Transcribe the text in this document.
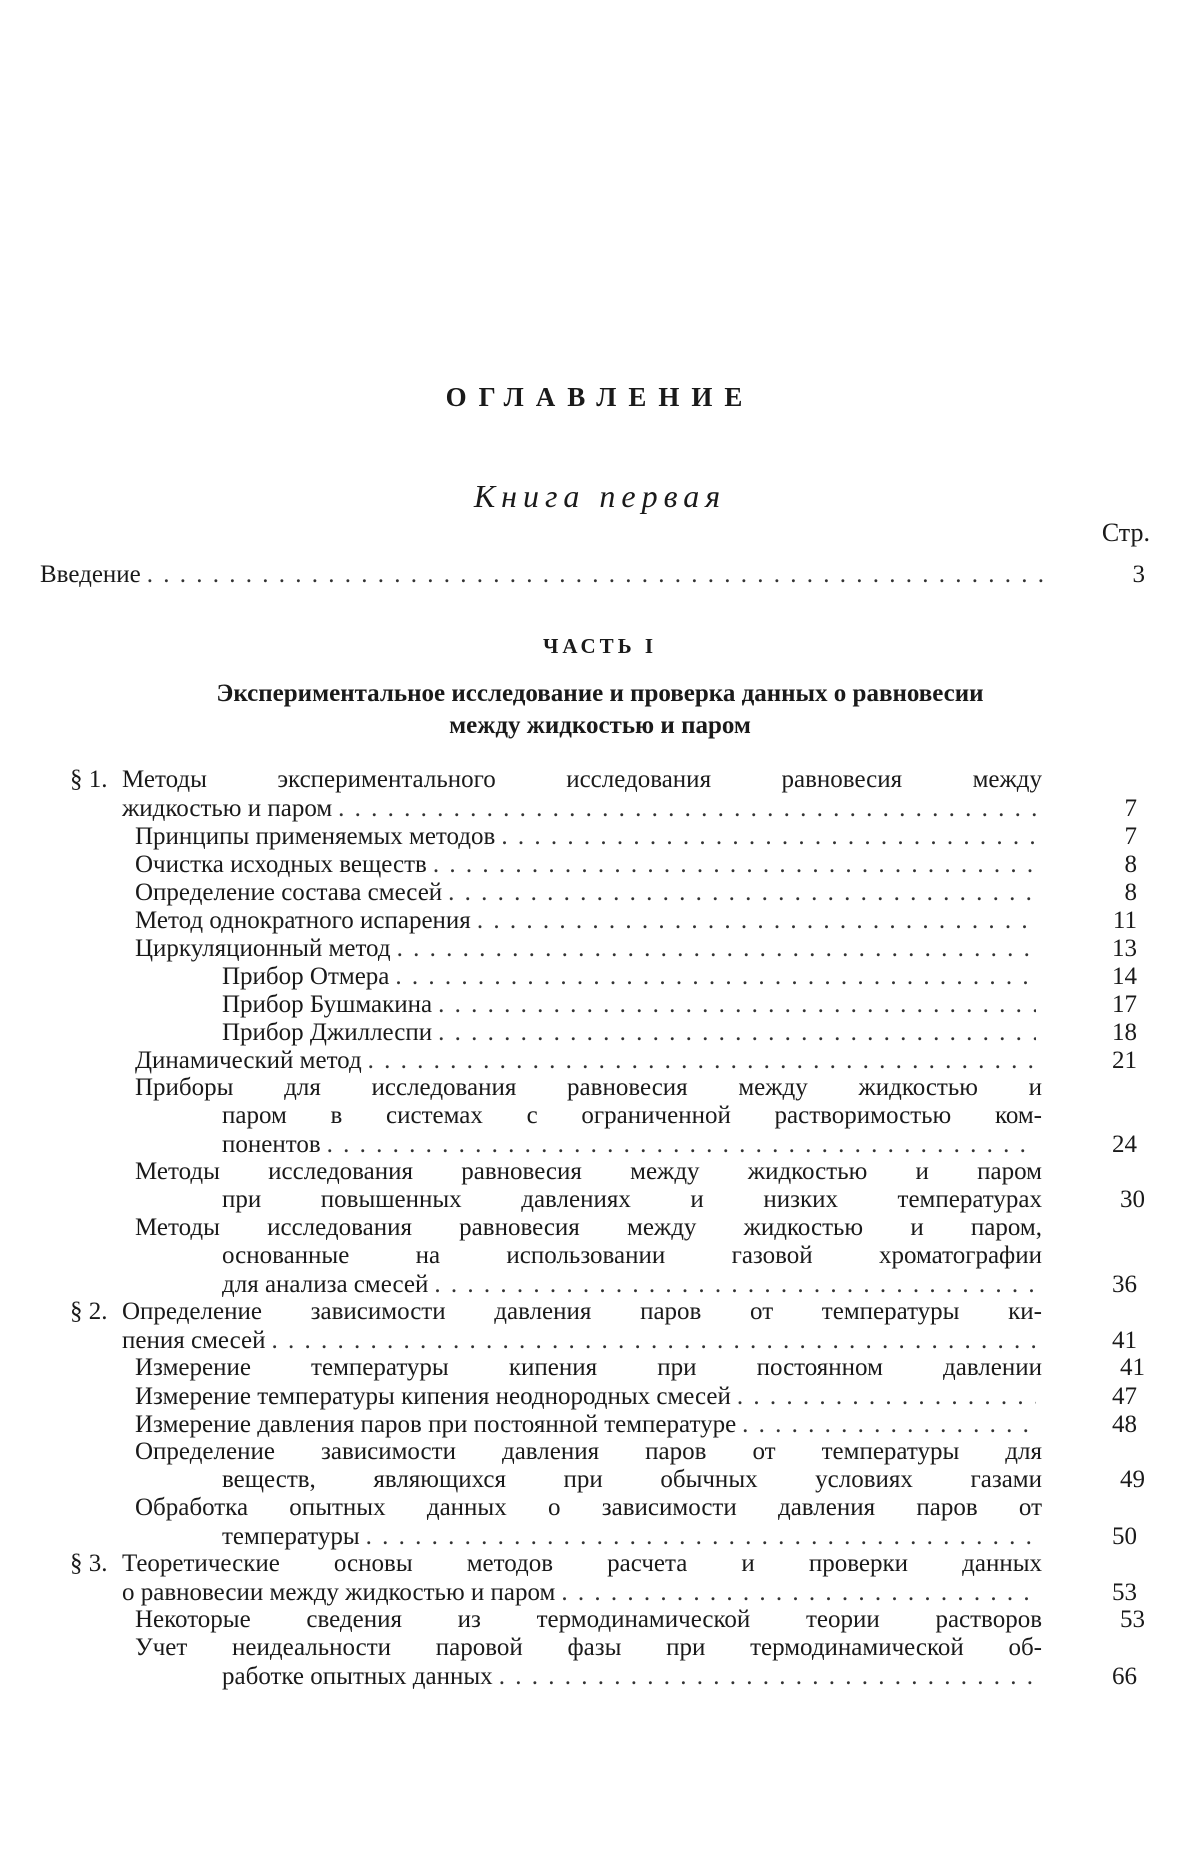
ОГЛАВЛЕНИЕ
Книга первая
Стр.
Введение . . .	3
ЧАСТЬ I
Экспериментальное исследование и проверка данных о равновесии
между жидкостью и паром
§ 1. Методы экспериментального исследования равновесия между
жидкостью и паром . . .	7
Принципы применяемых методов . . .	7
Очистка исходных веществ . . .	8
Определение состава смесей . . .	8
Метод однократного испарения . . .	11
Циркуляционный метод . . .	13
Прибор Отмера . . .	14
Прибор Бушмакина . . .	17
Прибор Джиллеспи . . .	18
Динамический метод . . .	21
Приборы для исследования равновесия между жидкостью и
паром в системах с ограниченной растворимостью ком-
понентов . . .	24
Методы исследования равновесия между жидкостью и паром
при повышенных давлениях и низких температурах	30
Методы исследования равновесия между жидкостью и паром,
основанные на использовании газовой хроматографии
для анализа смесей . . .	36
§ 2. Определение зависимости давления паров от температуры ки-
пения смесей . . .	41
Измерение температуры кипения при постоянном давлении	41
Измерение температуры кипения неоднородных смесей . . .	47
Измерение давления паров при постоянной температуре . . .	48
Определение зависимости давления паров от температуры для
веществ, являющихся при обычных условиях газами	49
Обработка опытных данных о зависимости давления паров от
температуры . . .	50
§ 3. Теоретические основы методов расчета и проверки данных
о равновесии между жидкостью и паром . . .	53
Некоторые сведения из термодинамической теории растворов	53
Учет неидеальности паровой фазы при термодинамической об-
работке опытных данных . . .	66
